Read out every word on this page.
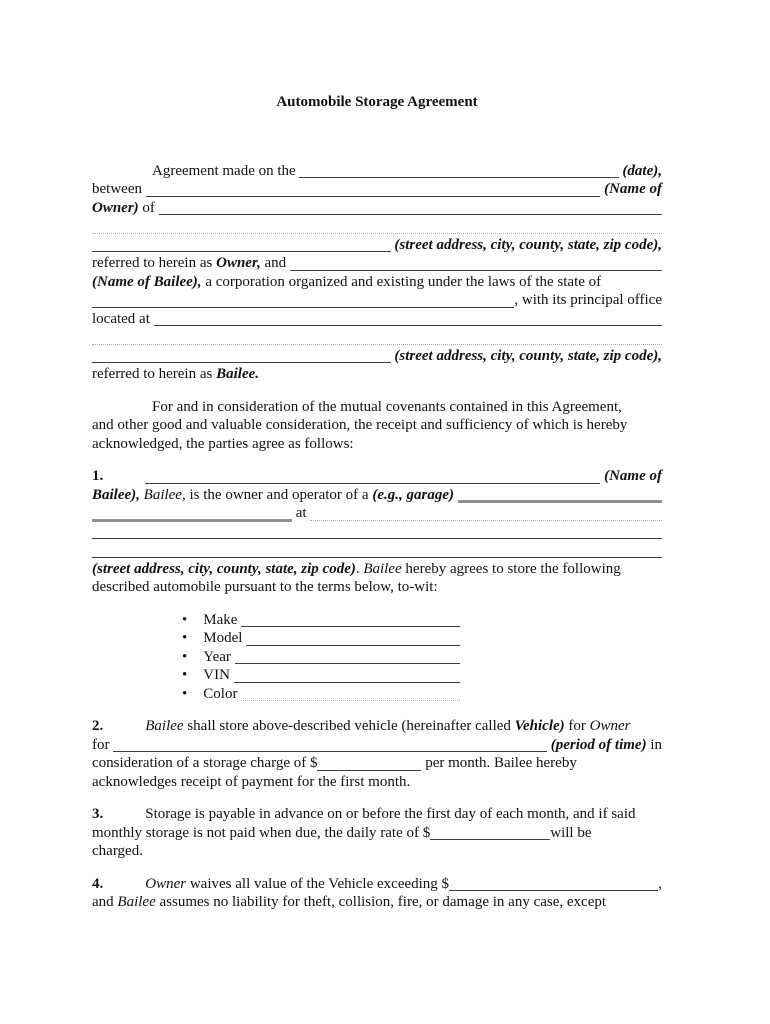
Automobile Storage Agreement
Agreement made on the	(date),
between	(Name of
Owner) of
(street address, city, county, state, zip code),
referred to herein as Owner, and
(Name of Bailee), a corporation organized and existing under the laws of the state of
, with its principal office
located at
(street address, city, county, state, zip code),
referred to herein as Bailee.
For and in consideration of the mutual covenants contained in this Agreement,
and other good and valuable consideration, the receipt and sufficiency of which is hereby
acknowledged, the parties agree as follows:
1.	(Name of
Bailee),
Bailee, is the owner and operator of a (e.g., garage)

at
(street address, city, county, state, zip code) . Bailee hereby agrees to store the following
described automobile pursuant to the terms below, to-wit:
• Make
• Model
• Year
• VIN
• Color
2.	Bailee shall store above-described vehicle (hereinafter called Vehicle) for Owner
for	(period of time) in
consideration of a storage charge of $	per month. Bailee hereby
acknowledges receipt of payment for the first month.
3.	Storage is payable in advance on or before the first day of each month, and if said
monthly storage is not paid when due, the daily rate of $	will be
charged.
4.	Owner waives all value of the Vehicle exceeding $	,
and Bailee assumes no liability for theft, collision, fire, or damage in any case, except
